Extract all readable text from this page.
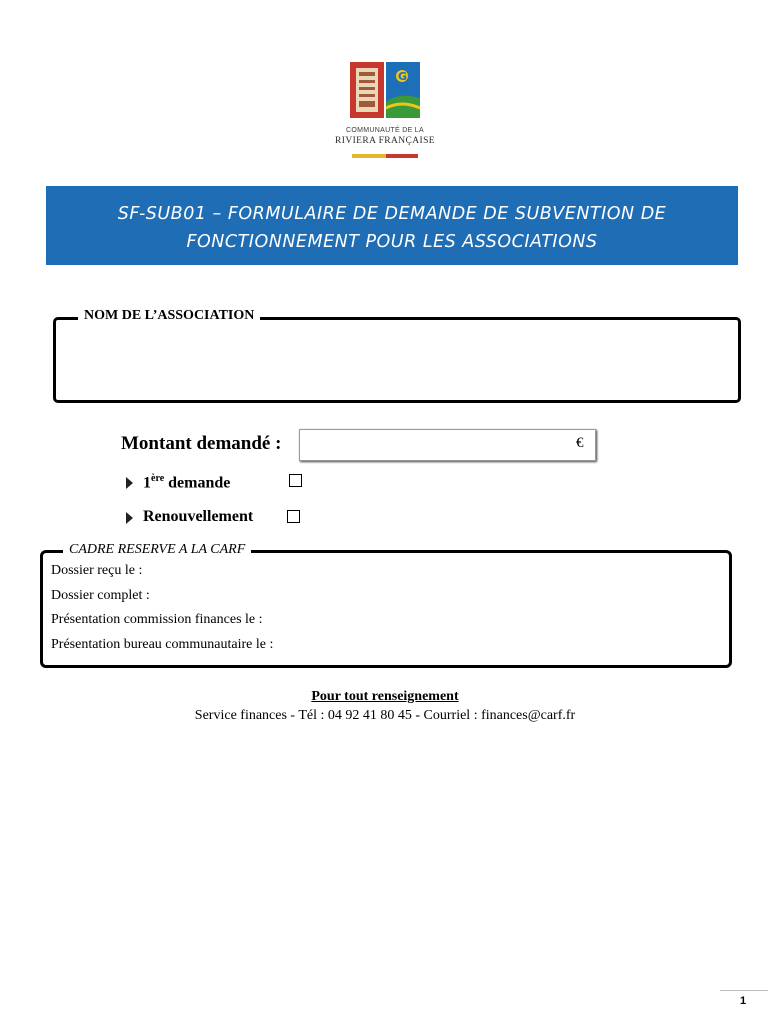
G
COMMUNAUTÉ DE LA
RIVIERA FRANÇAISE
SF-SUB01 – FORMULAIRE DE DEMANDE DE SUBVENTION DE
FONCTIONNEMENT POUR LES ASSOCIATIONS
NOM DE L’ASSOCIATION
Montant demandé :	€
1ère demande
Renouvellement
CADRE RESERVE A LA CARF
Dossier reçu le :
Dossier complet :
Présentation commission finances le :
Présentation bureau communautaire le :
Pour tout renseignement
Service finances - Tél : 04 92 41 80 45 - Courriel : finances@carf.fr
1
